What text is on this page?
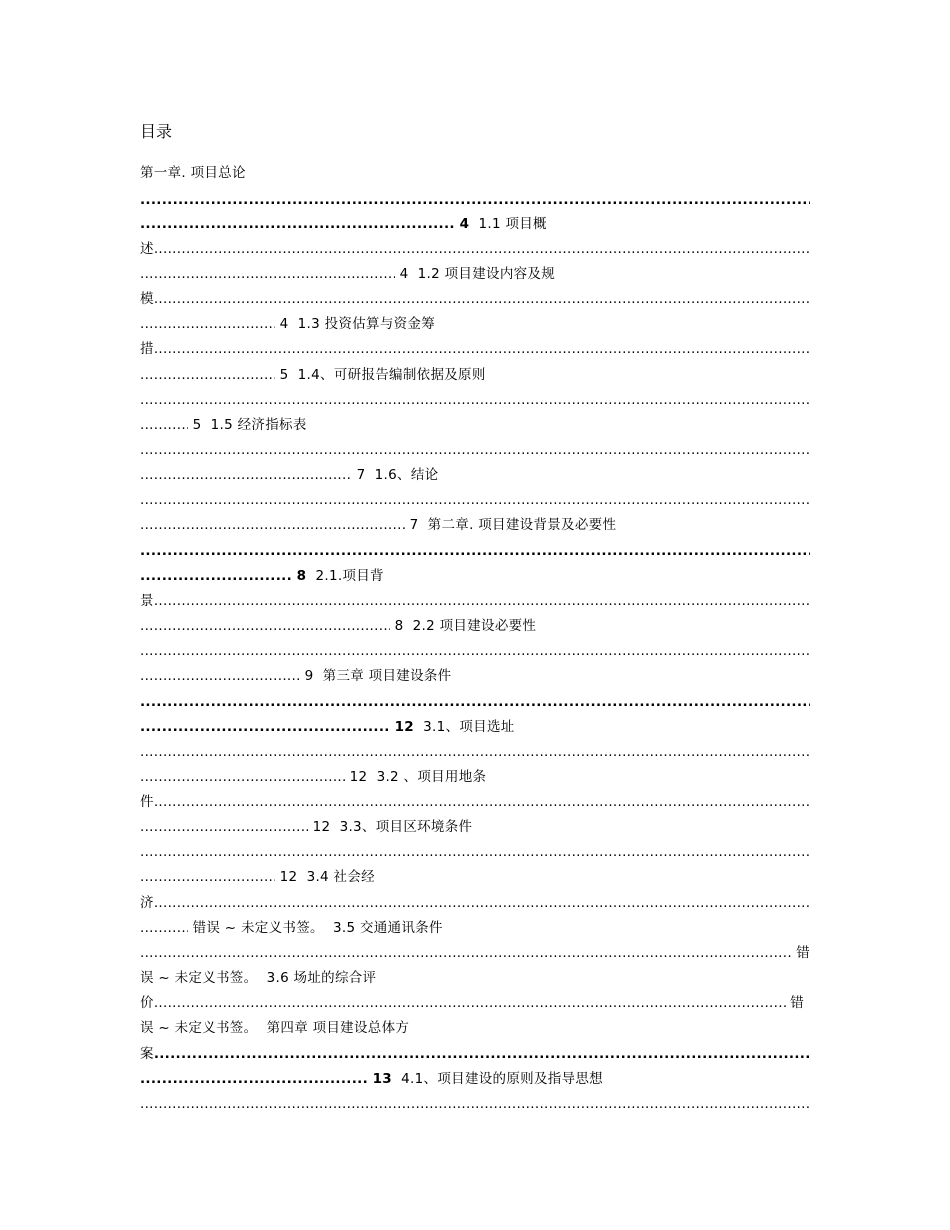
目录
第一章. 项目总论
.....
..... 4 1.1 项目概
述 .....
..... 4 1.2 项目建设内容及规
模 .....
..... 4 1.3 投资估算与资金筹
措 .....
..... 5 1.4、可研报告编制依据及原则
.....
..... 5 1.5 经济指标表
.....
..... 7 1.6、结论
.....
..... 7 第二章. 项目建设背景及必要性
.....
..... 8 2.1.项目背
景 .....
..... 8 2.2 项目建设必要性
.....
..... 9 第三章 项目建设条件
.....
..... 12 3.1、项目选址
.....
..... 12 3.2 、项目用地条
件 .....
..... 12 3.3、项目区环境条件
.....
..... 12 3.4 社会经
济 .....
..... 错误 ~ 未定义书签。 3.5 交通通讯条件
错
.....
误 ~ 未定义书签。 3.6 场址的综合评
价	错
.....
误 ~ 未定义书签。 第四章 项目建设总体方
案 .....
..... 13 4.1、项目建设的原则及指导思想
.....
